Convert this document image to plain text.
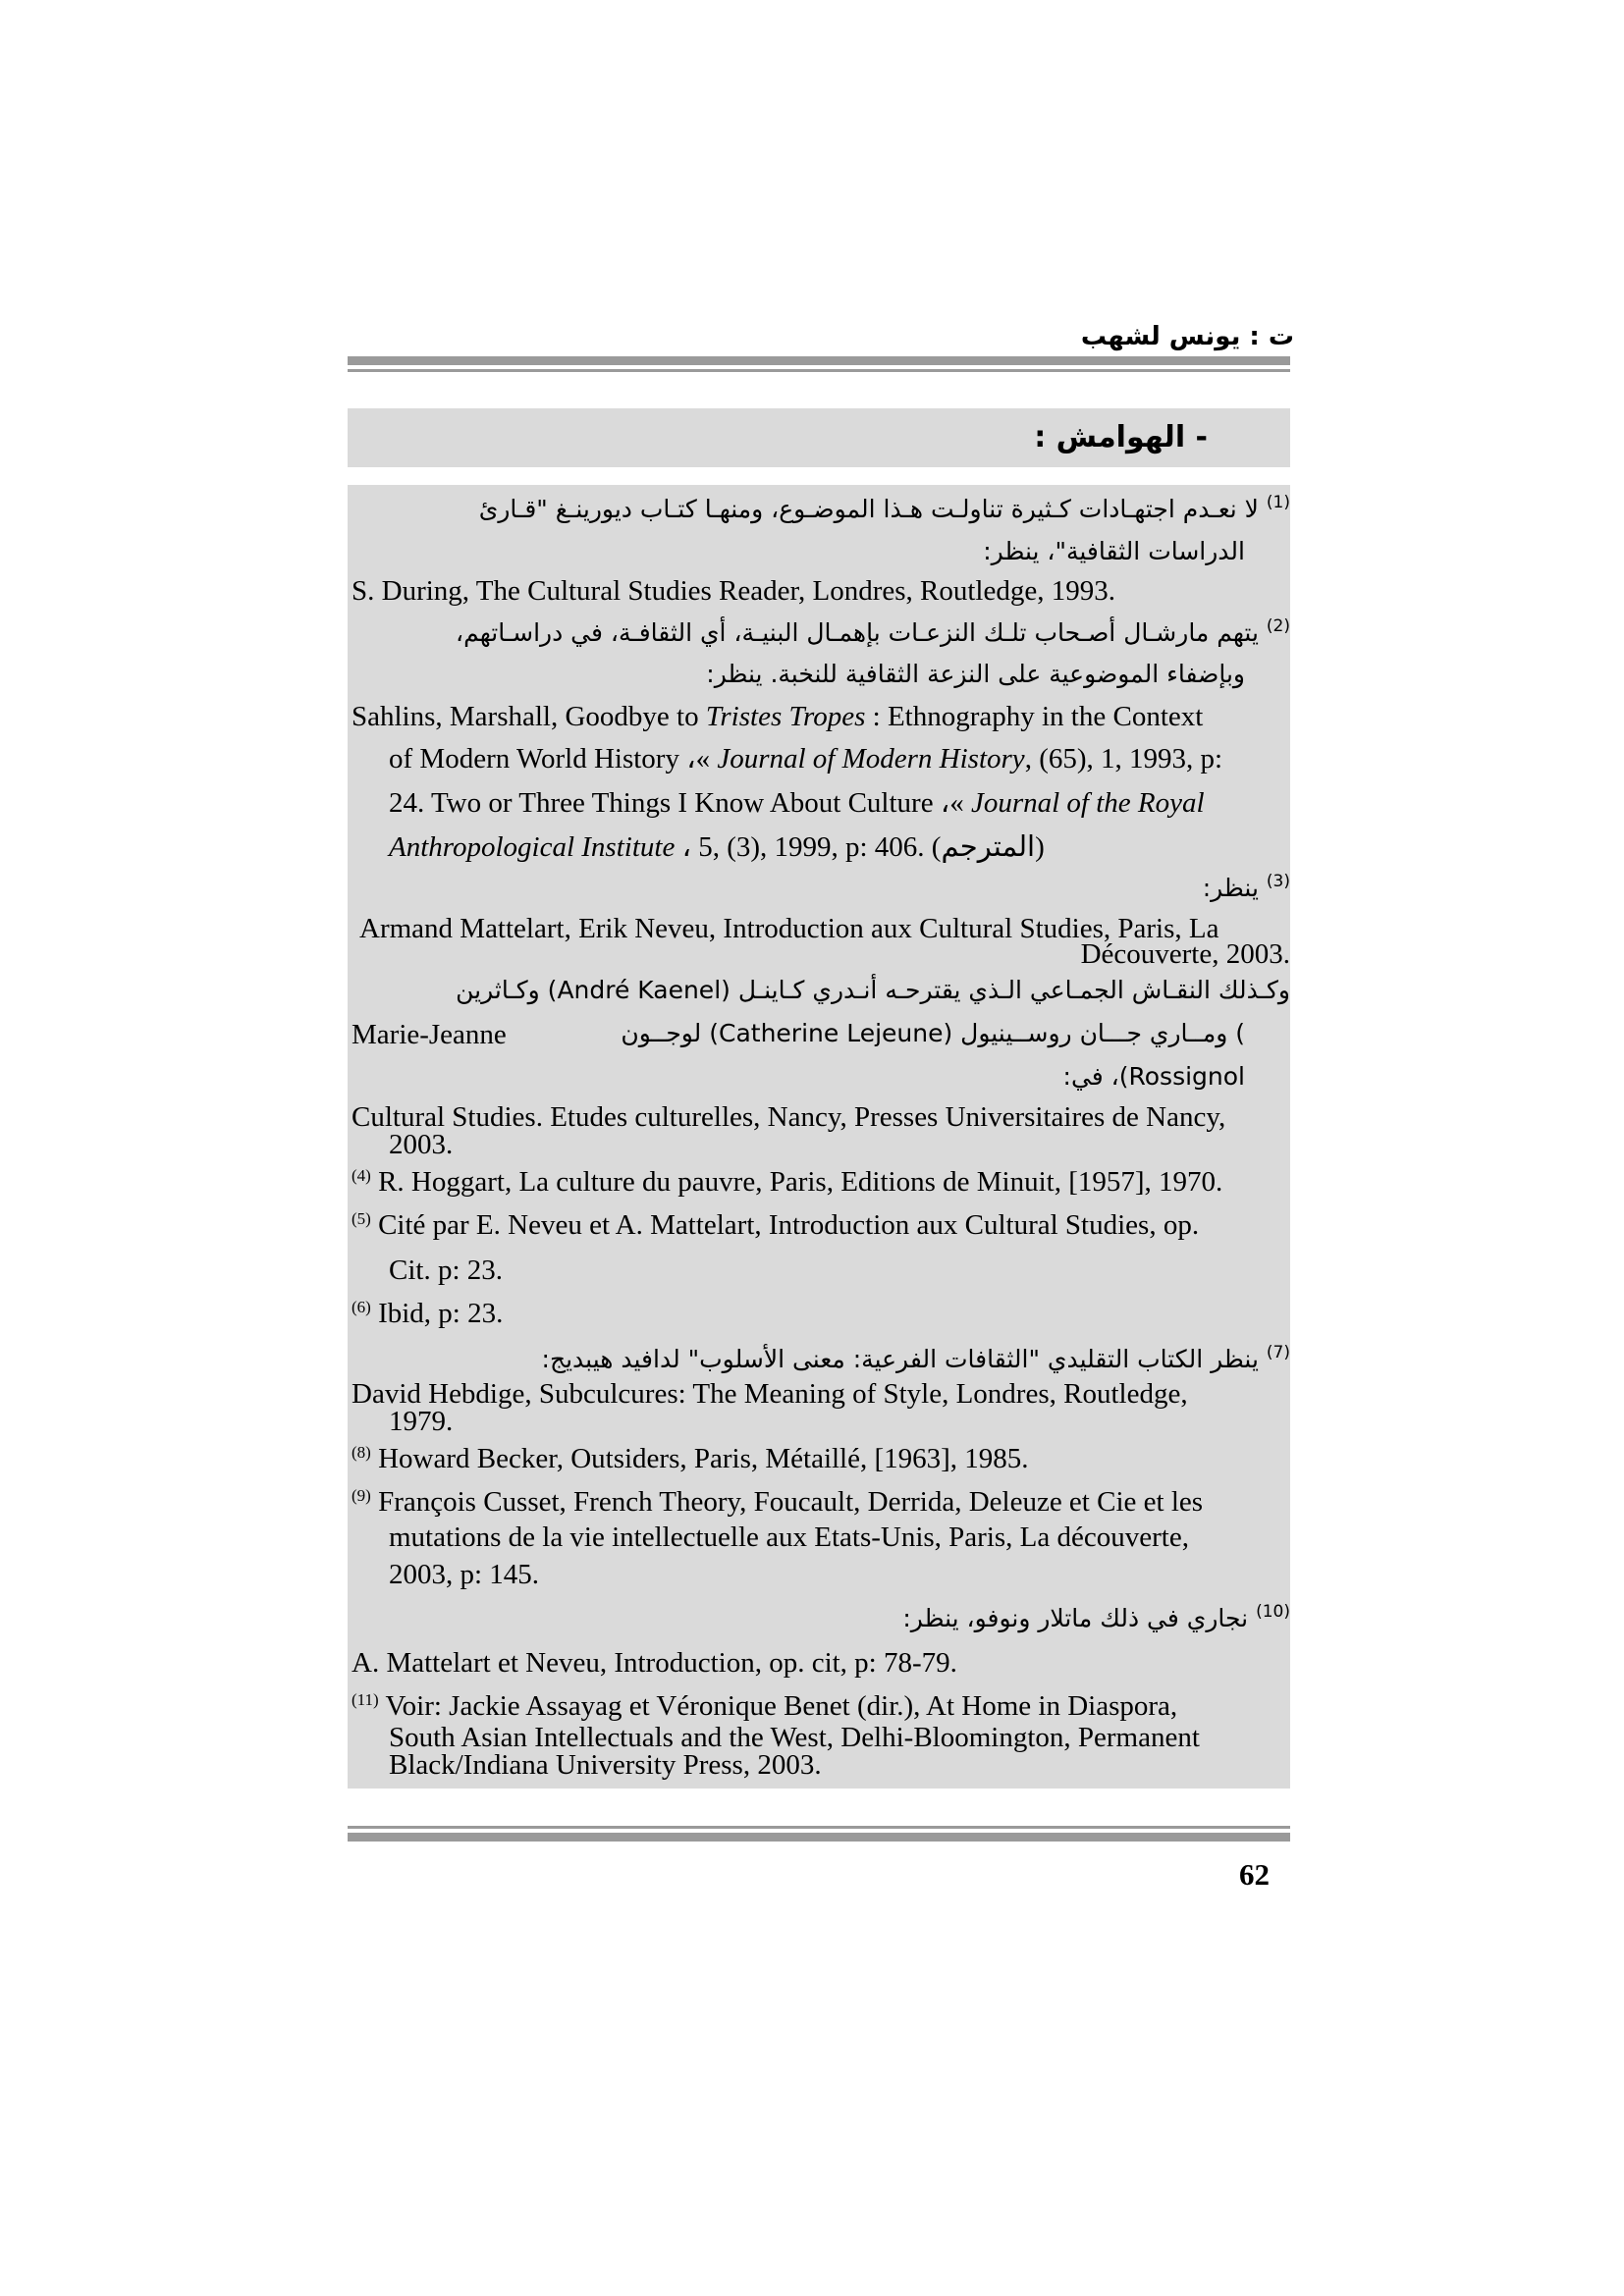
ت : يونس لشهب
- الهوامش :
$^{(1)}$ لا نعـدم اجتهـادات كـثيرة تناولـت هـذا الموضـوع، ومنهـا كتـاب ديورينـغ "قـارئ
الدراسات الثقافية"، ينظر:
S. During, The Cultural Studies Reader, Londres, Routledge, 1993.
$^{(2)}$ يتهم مارشـال أصـحاب تلـك النزعـات بإهمـال البنيـة، أي الثقافـة، في دراسـاتهم،
وبإضفاء الموضوعية على النزعة الثقافية للنخبة. ينظر:
Sahlins, Marshall, Goodbye to Tristes Tropes : Ethnography in the Context
of Modern World History ،« Journal of Modern History, (65), 1, 1993, p:
24. Two or Three Things I Know About Culture ،« Journal of the Royal
Anthropological Institute ، 5, (3), 1999, p: 406. (المترجم)
$^{(3)}$ ينظر:
Armand Mattelart, Erik Neveu, Introduction aux Cultural Studies, Paris, La
Découverte, 2003.
وكـذلك النقـاش الجمـاعي الـذي يقترحـه أنـدري كـاينـل (André Kaenel) وكـاثرين
Marie-Jeanne	) ومــاري جـــان روســينيول (Catherine Lejeune) لوجــون
Rossignol)، في:
Cultural Studies. Etudes culturelles, Nancy, Presses Universitaires de Nancy,
2003.
$^{(4)}$ R. Hoggart, La culture du pauvre, Paris, Editions de Minuit, [1957], 1970.
$^{(5)}$ Cité par E. Neveu et A. Mattelart, Introduction aux Cultural Studies, op.
Cit. p: 23.
$^{(6)}$ Ibid, p: 23.
$^{(7)}$ ينظر الكتاب التقليدي "الثقافات الفرعية: معنى الأسلوب" لدافيد هيبديج:
David Hebdige, Subculcures: The Meaning of Style, Londres, Routledge,
1979.
$^{(8)}$ Howard Becker, Outsiders, Paris, Métaillé, [1963], 1985.
$^{(9)}$ François Cusset, French Theory, Foucault, Derrida, Deleuze et Cie et les
mutations de la vie intellectuelle aux Etats-Unis, Paris, La découverte,
2003, p: 145.
$^{(10)}$ نجاري في ذلك ماتلار ونوفو، ينظر:
A. Mattelart et Neveu, Introduction, op. cit, p: 78-79.
$^{(11)}$ Voir: Jackie Assayag et Véronique Benet (dir.), At Home in Diaspora,
South Asian Intellectuals and the West, Delhi-Bloomington, Permanent
Black/Indiana University Press, 2003.
62
